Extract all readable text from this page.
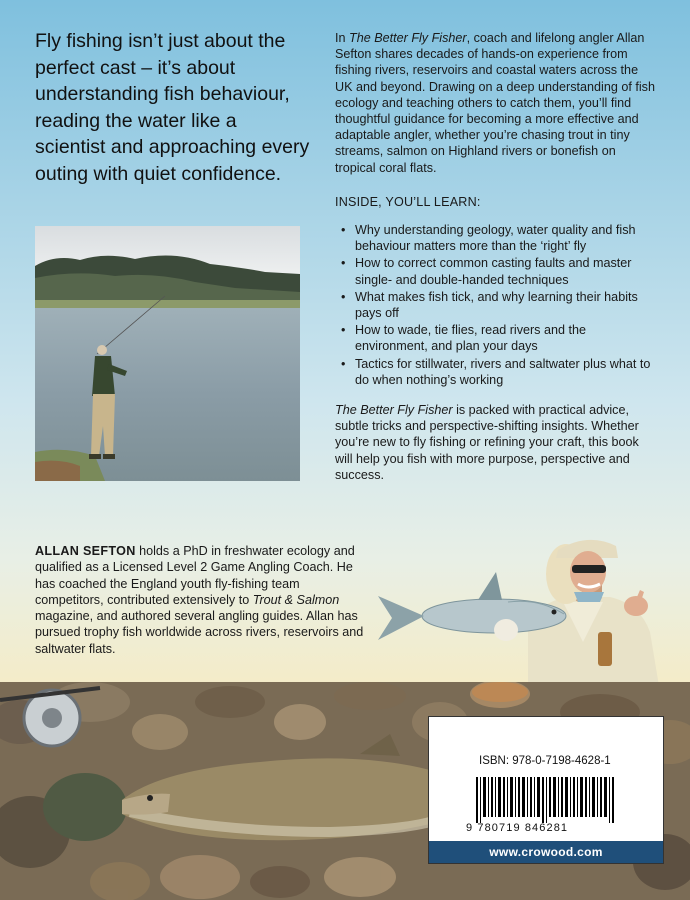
Fly fishing isn’t just about the perfect cast – it’s about understanding fish behaviour, reading the water like a scientist and approaching every outing with quiet confidence.

In The Better Fly Fisher, coach and lifelong angler Allan Sefton shares decades of hands-on experience from fishing rivers, reservoirs and coastal waters across the UK and beyond. Drawing on a deep understanding of fish ecology and teaching others to catch them, you’ll find thoughtful guidance for becoming a more effective and adaptable angler, whether you’re chasing trout in tiny streams, salmon on Highland rivers or bonefish on tropical coral flats.

INSIDE, YOU’LL LEARN:

• Why understanding geology, water quality and fish behaviour matters more than the ‘right’ fly
• How to correct common casting faults and master single- and double-handed techniques
• What makes fish tick, and why learning their habits pays off
• How to wade, tie flies, read rivers and the environment, and plan your days
• Tactics for stillwater, rivers and saltwater plus what to do when nothing’s working

The Better Fly Fisher is packed with practical advice, subtle tricks and perspective-shifting insights. Whether you’re new to fly fishing or refining your craft, this book will help you fish with more purpose, perspective and success.

ALLAN SEFTON holds a PhD in freshwater ecology and qualified as a Licensed Level 2 Game Angling Coach. He has coached the England youth fly-fishing team competitors, contributed extensively to Trout & Salmon magazine, and authored several angling guides. Allan has pursued trophy fish worldwide across rivers, reservoirs and saltwater flats.

ISBN: 978-0-7198-4628-1
9 780719 846281
www.crowood.com
